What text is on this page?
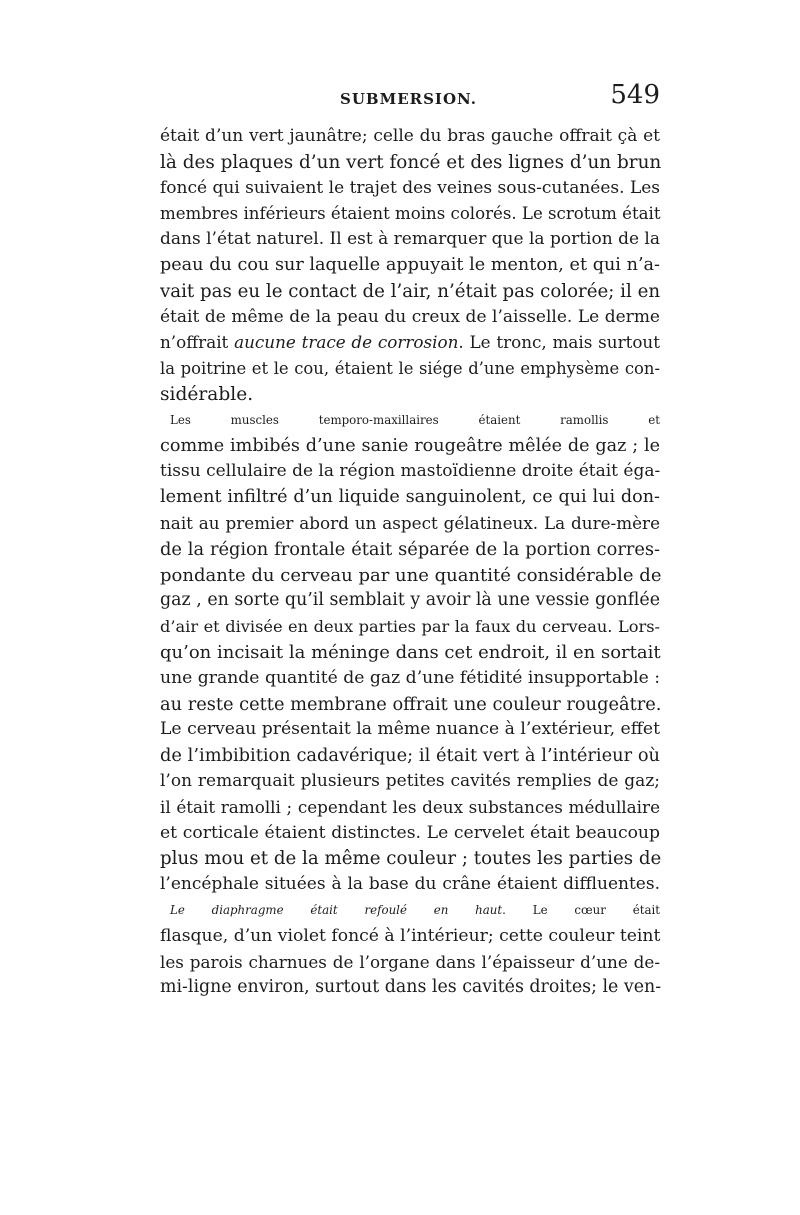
SUBMERSION.	549
était d’un vert jaunâtre; celle du bras gauche offrait çà et
là des plaques d’un vert foncé et des lignes d’un brun
foncé qui suivaient le trajet des veines sous-cutanées. Les
membres inférieurs étaient moins colorés. Le scrotum était
dans l’état naturel. Il est à remarquer que la portion de la
peau du cou sur laquelle appuyait le menton, et qui n’a-
vait pas eu le contact de l’air, n’était pas colorée; il en
était de même de la peau du creux de l’aisselle. Le derme
n’offrait aucune trace de corrosion. Le tronc, mais surtout
la poitrine et le cou, étaient le siége d’une emphysème con-
sidérable.
Les muscles temporo-maxillaires étaient ramollis et
comme imbibés d’une sanie rougeâtre mêlée de gaz ; le
tissu cellulaire de la région mastoïdienne droite était éga-
lement infiltré d’un liquide sanguinolent, ce qui lui don-
nait au premier abord un aspect gélatineux. La dure-mère
de la région frontale était séparée de la portion corres-
pondante du cerveau par une quantité considérable de
gaz , en sorte qu’il semblait y avoir là une vessie gonflée
d’air et divisée en deux parties par la faux du cerveau. Lors-
qu’on incisait la méninge dans cet endroit, il en sortait
une grande quantité de gaz d’une fétidité insupportable :
au reste cette membrane offrait une couleur rougeâtre.
Le cerveau présentait la même nuance à l’extérieur, effet
de l’imbibition cadavérique; il était vert à l’intérieur où
l’on remarquait plusieurs petites cavités remplies de gaz;
il était ramolli ; cependant les deux substances médullaire
et corticale étaient distinctes. Le cervelet était beaucoup
plus mou et de la même couleur ; toutes les parties de
l’encéphale situées à la base du crâne étaient diffluentes.
Le diaphragme était refoulé en haut. Le cœur était
flasque, d’un violet foncé à l’intérieur; cette couleur teint
les parois charnues de l’organe dans l’épaisseur d’une de-
mi-ligne environ, surtout dans les cavités droites; le ven-
